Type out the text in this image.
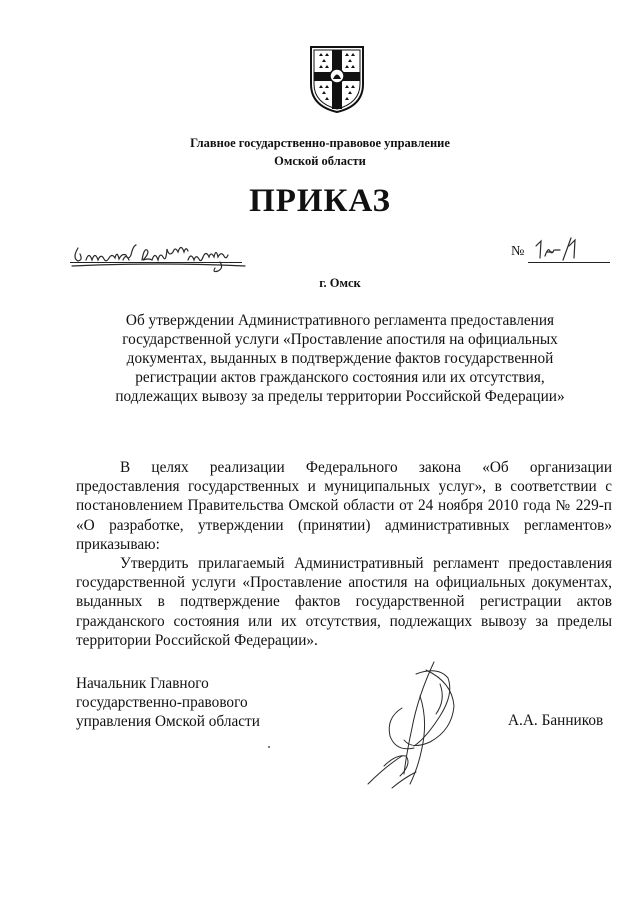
Главное государственно-правовое управление
Омской области
ПРИКАЗ
№
г. Омск
Об утверждении Административного регламента предоставления государственной услуги «Проставление апостиля на официальных документах, выданных в подтверждение фактов государственной регистрации актов гражданского состояния или их отсутствия, подлежащих вывозу за пределы территории Российской Федерации»

В целях реализации Федерального закона «Об организации предоставления государственных и муниципальных услуг», в соответствии с постановлением Правительства Омской области от 24 ноября 2010 года № 229-п «О разработке, утверждении (принятии) административных регламентов» приказываю:

Утвердить прилагаемый Административный регламент предоставления государственной услуги «Проставление апостиля на официальных документах, выданных в подтверждение фактов государственной регистрации актов гражданского состояния или их отсутствия, подлежащих вывозу за пределы территории Российской Федерации».

Начальник Главного
государственно-правового
управления Омской области	А.А. Банников
